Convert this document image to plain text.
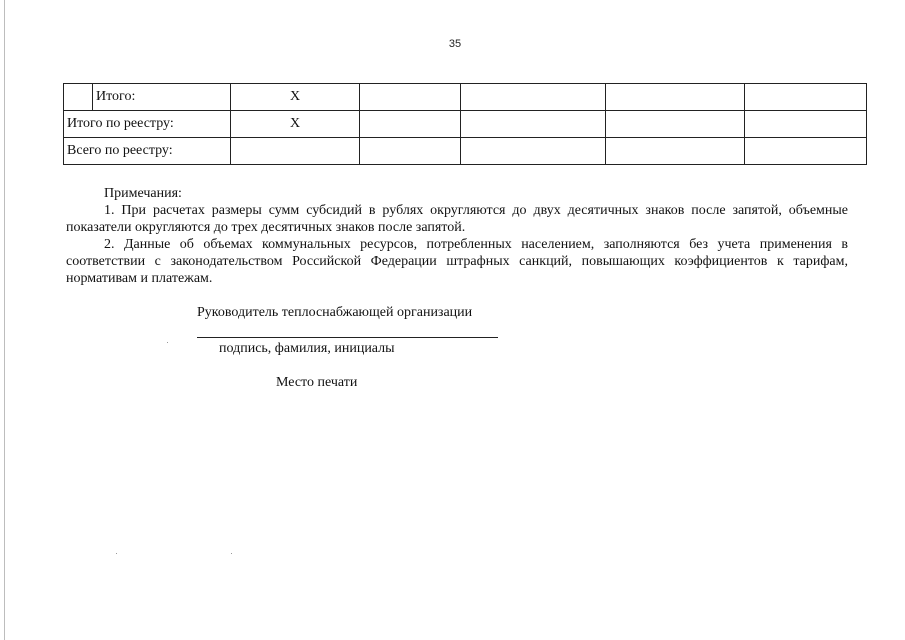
35
	Итого:	X				
Итого по реестру:		X				
Всего по реестру:						

Примечания:

1. При расчетах размеры сумм субсидий в рублях округляются до двух десятичных знаков после запятой, объемные показатели округляются до трех десятичных знаков после запятой.

2. Данные об объемах коммунальных ресурсов, потребленных населением, заполняются без учета применения в соответствии с законодательством Российской Федерации штрафных санкций, повышающих коэффициентов к тарифам, нормативам и платежам.

Руководитель теплоснабжающей организации
подпись, фамилия, инициалы
Место печати
